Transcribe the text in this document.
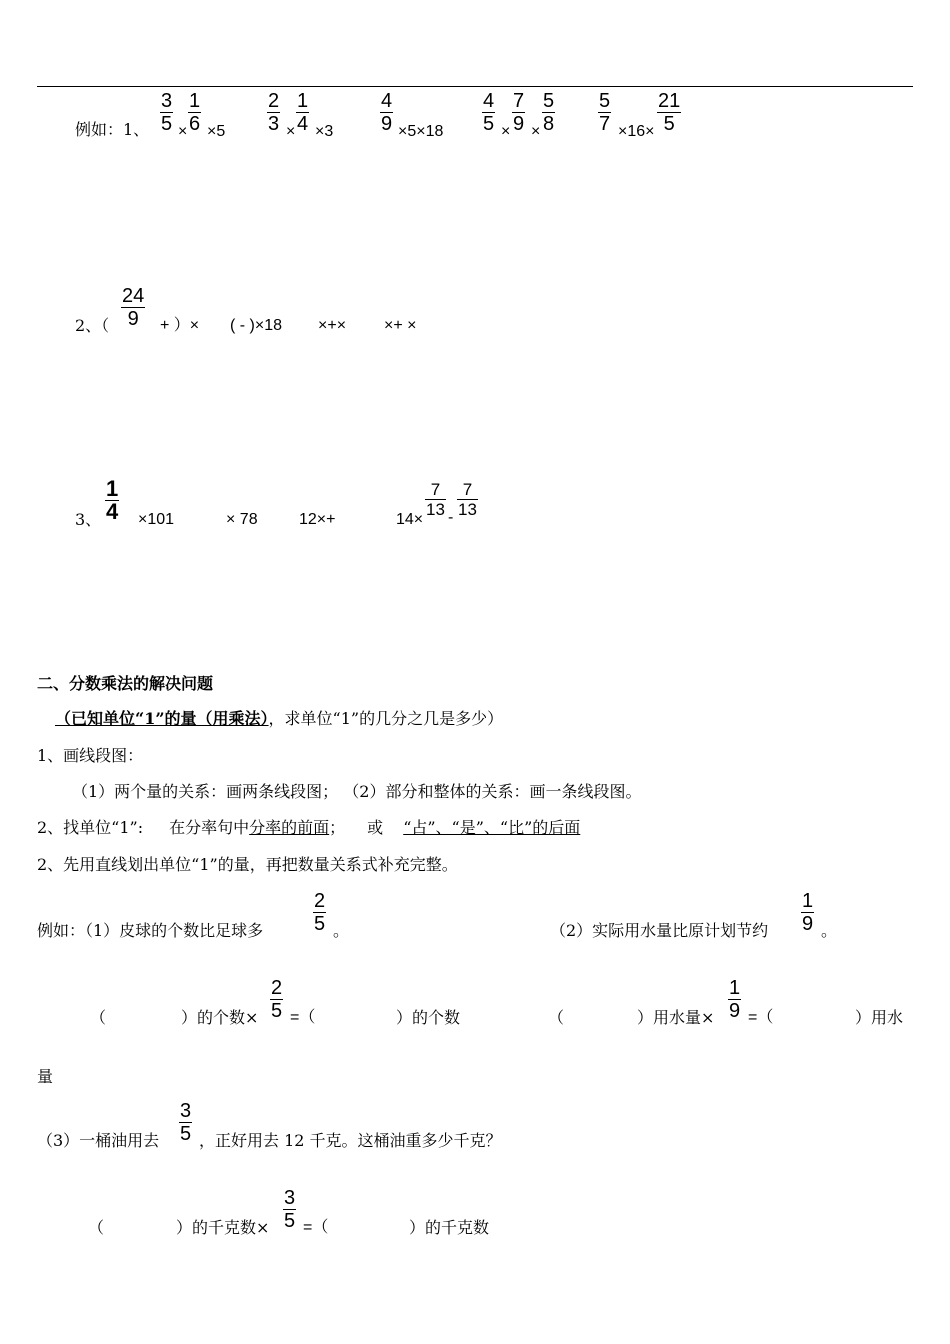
例如：1、 $\frac{3}{5} \times \frac{1}{6} \times 5 \frac{2}{3} \times \frac{1}{4} \times 3 \frac{4}{9} \times 5\times 18 \frac{4}{5} \times \frac{7}{9} \times \frac{5}{8} \frac{5}{7} \times 16\times \frac{21}{5}$
2、（ $\frac{24}{9}$ + ）× ( - )×18 ×+× ×+ ×
3、 $\frac{1}{4} \times 101$	× 78	12×+	14×
$\frac{7}{13} - \frac{7}{13}$
二、分数乘法的解决问题
（已知单位“1”的量（用乘法），求单位“1”的几分之几是多少）
1、画线段图：
（1）两个量的关系：画两条线段图； （2）部分和整体的关系：画一条线段图。
2、找单位“1”: 在分率句中分率的前面； 或 “占”、“是”、“比”的后面
2、先用直线划出单位“1”的量，再把数量关系式补充完整。
例如：（1）皮球的个数比足球多 $\frac{2}{5}$ 。	（2）实际用水量比原计划节约 $\frac{1}{9}$ 。
（	）的个数× $\frac{2}{5}$ =（	）的个数	（	）用水量× $\frac{1}{9}$ =（	）用水
量
（3）一桶油用去 $\frac{3}{5}$ ，正好用去 12 千克。这桶油重多少千克？
（	）的千克数× $\frac{3}{5}$ =（	）的千克数
